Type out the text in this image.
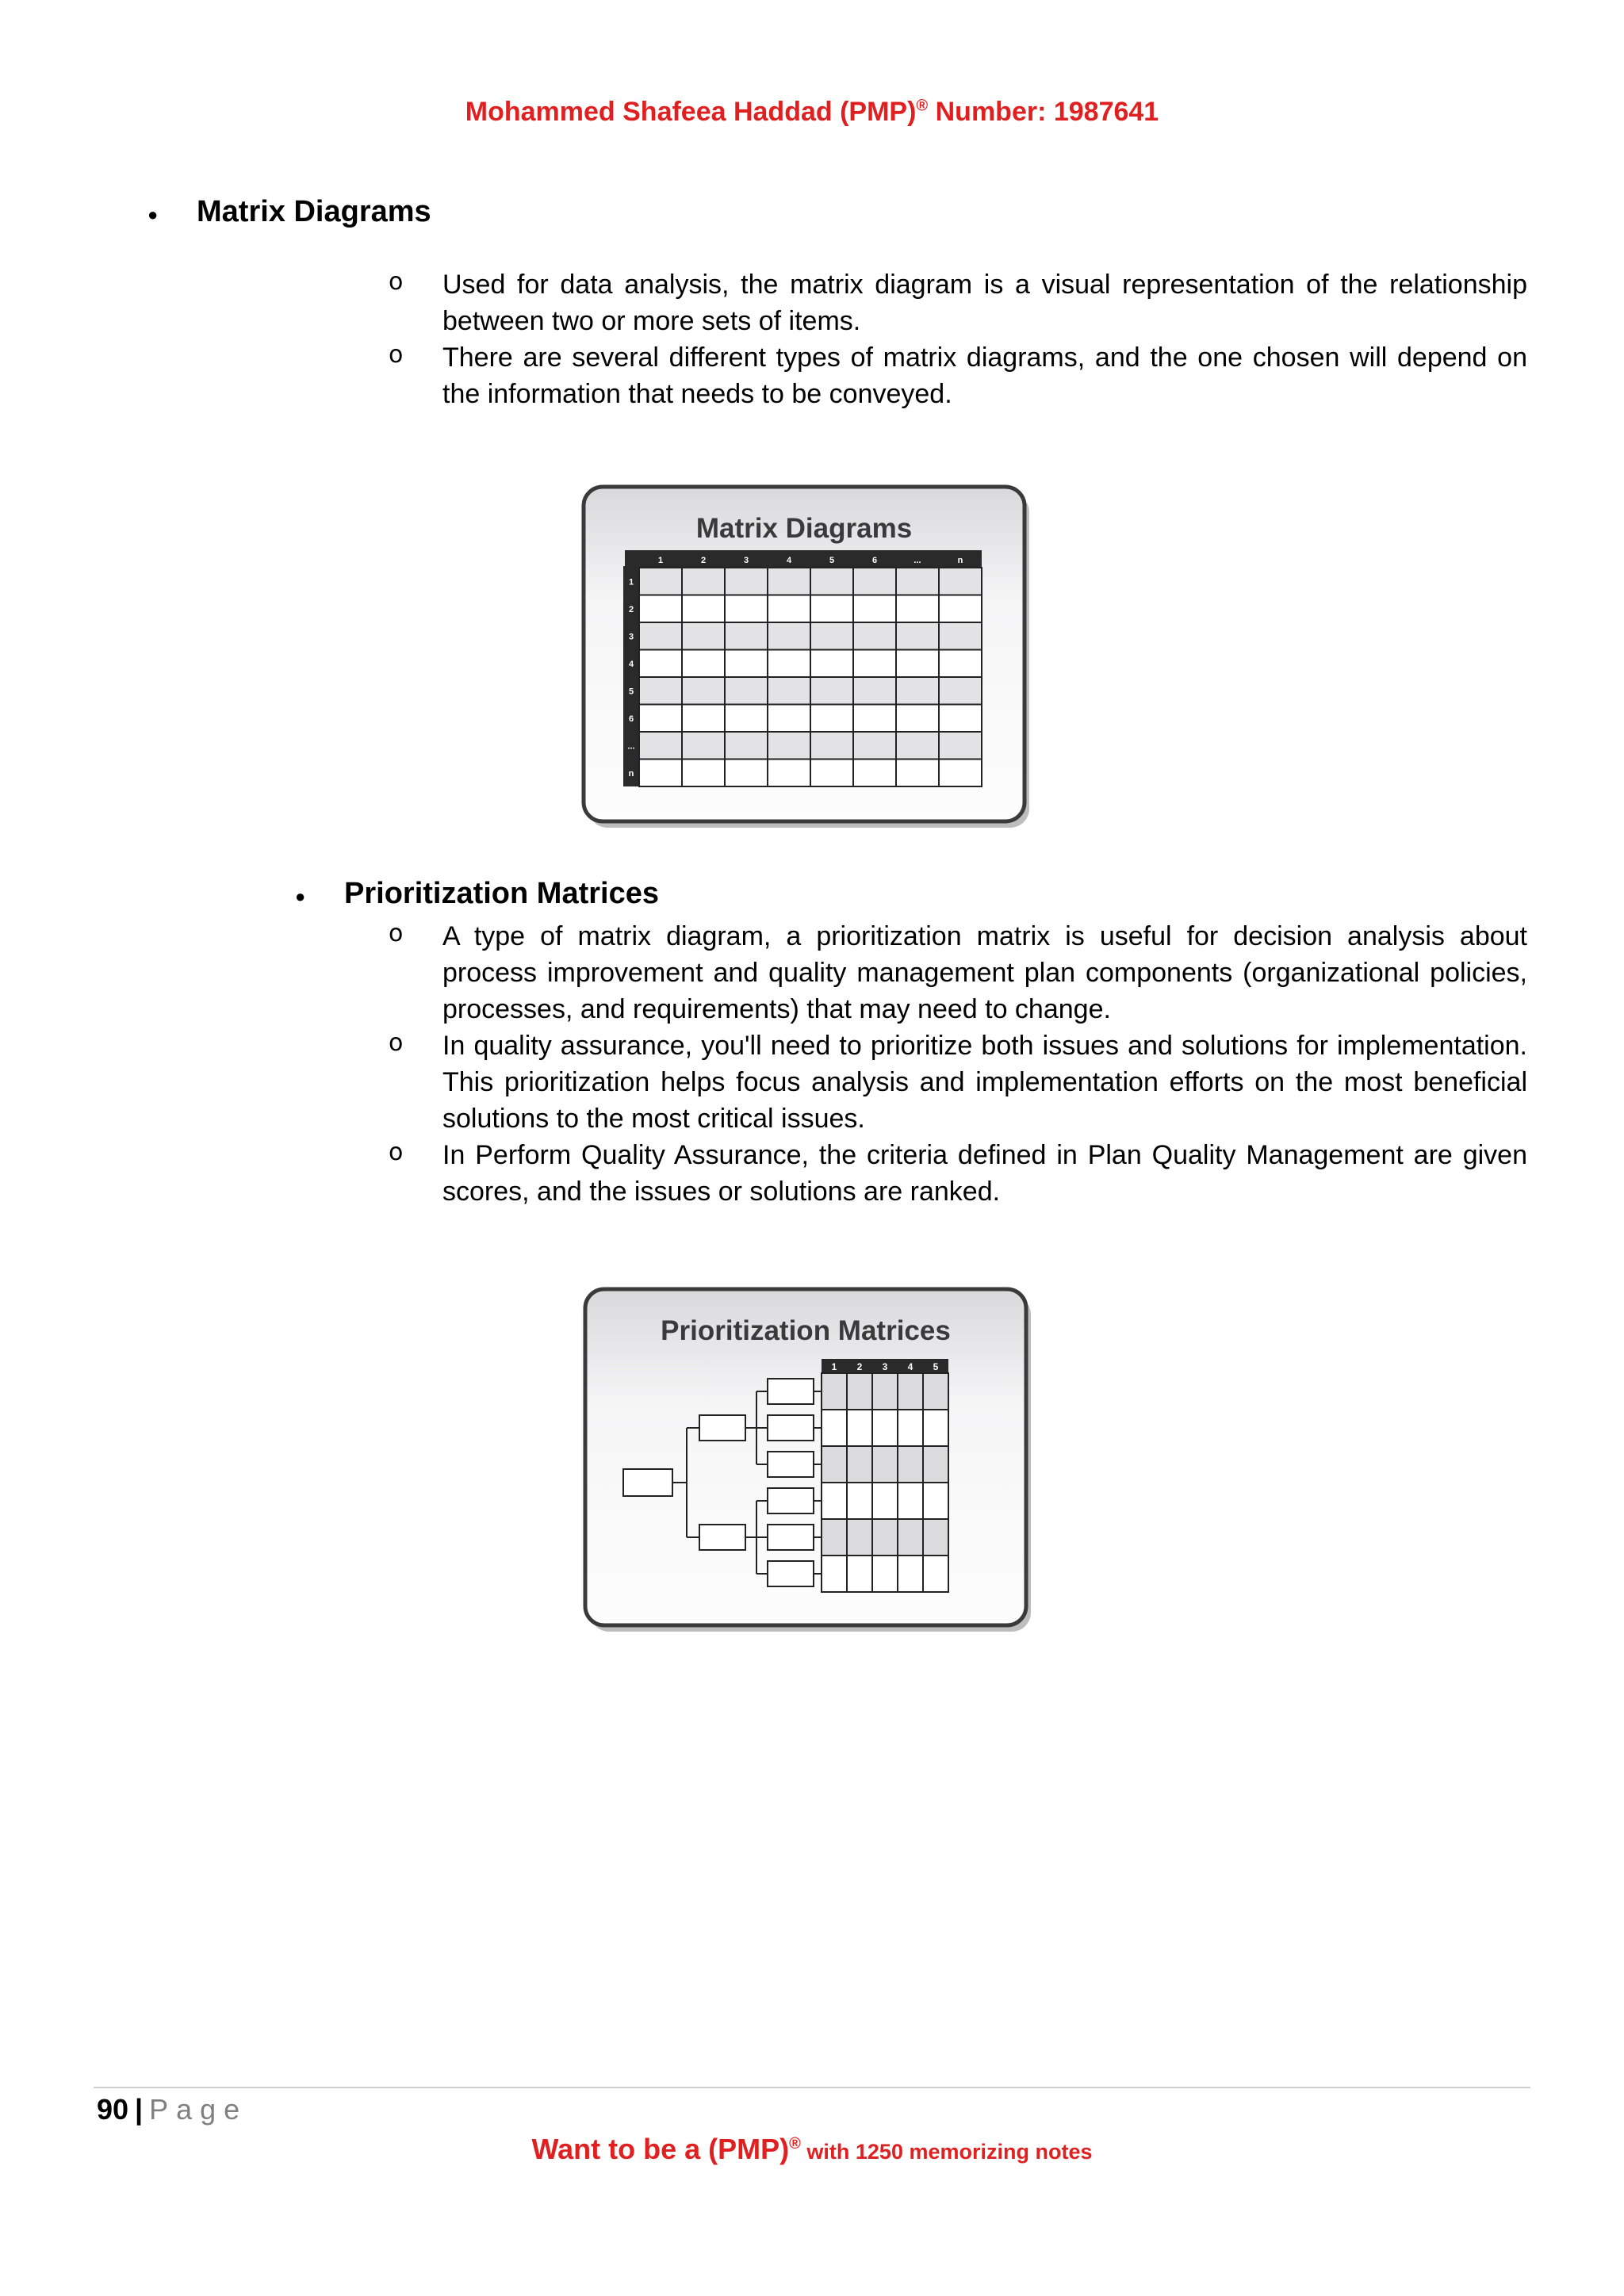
Mohammed Shafeea Haddad (PMP)® Number: 1987641
● Matrix Diagrams
o Used for data analysis, the matrix diagram is a visual representation of the relationship between two or more sets of items.
o There are several different types of matrix diagrams, and the one chosen will depend on the information that needs to be conveyed.
Matrix Diagrams
1	2	3	4	5	6	...	n
1
2
3
4
5
6
...
n
● Prioritization Matrices
o A type of matrix diagram, a prioritization matrix is useful for decision analysis about process improvement and quality management plan components (organizational policies, processes, and requirements) that may need to change.
o In quality assurance, you'll need to prioritize both issues and solutions for implementation. This prioritization helps focus analysis and implementation efforts on the most beneficial solutions to the most critical issues.
o In Perform Quality Assurance, the criteria defined in Plan Quality Management are given scores, and the issues or solutions are ranked.
Prioritization Matrices
1 2 3 4 5
90 | Page
Want to be a (PMP)® with 1250 memorizing notes
